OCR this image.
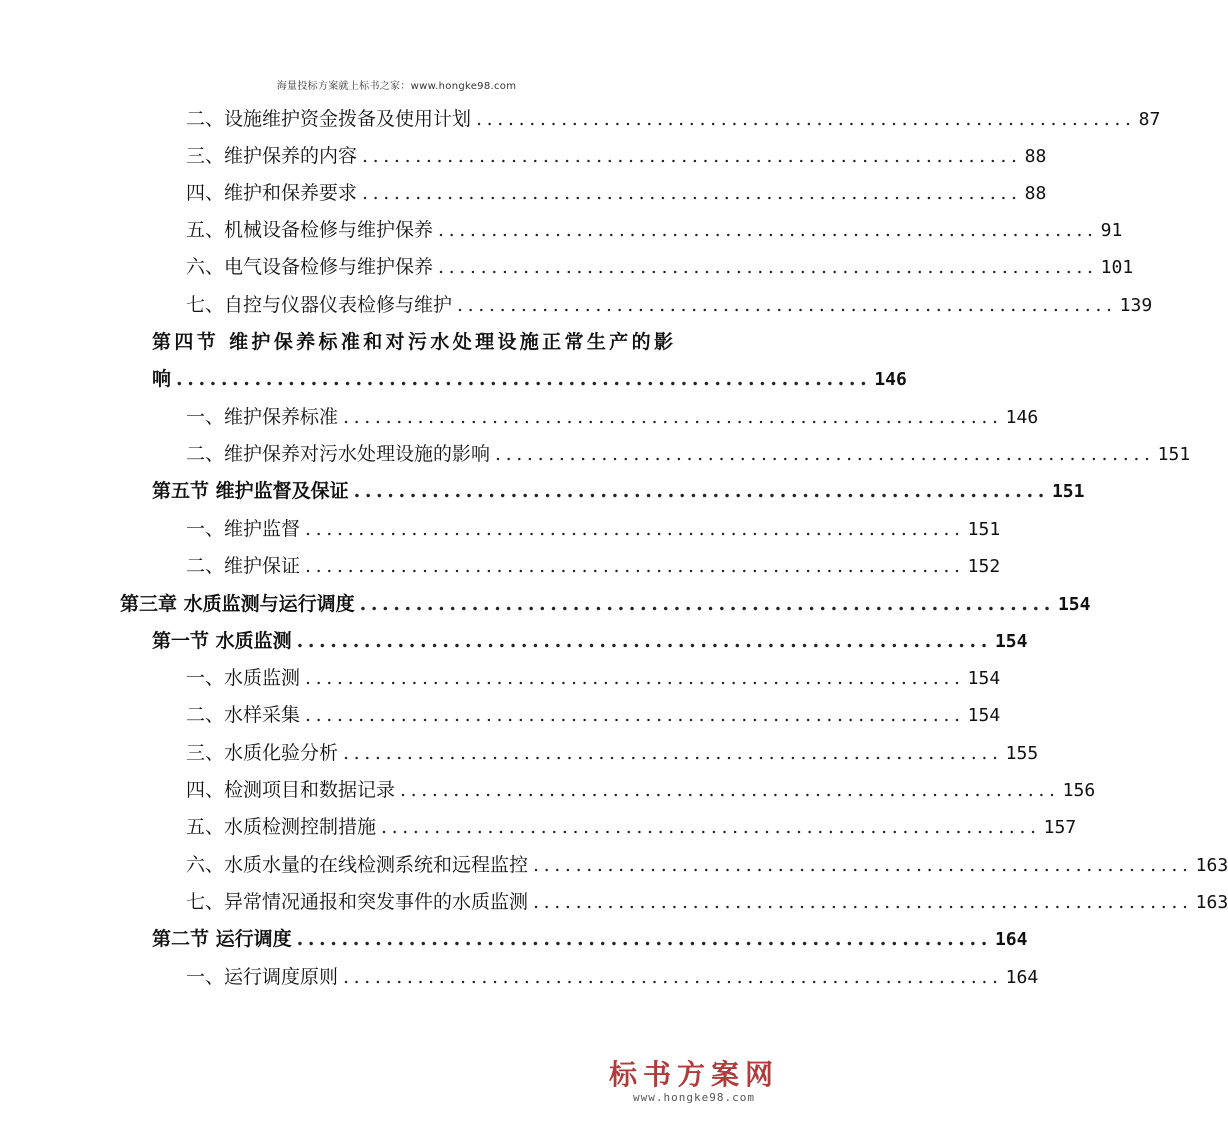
海量投标方案就上标书之家：www.hongke98.com
二、设施维护资金拨备及使用计划 .............................................................. 87
三、维护保养的内容 .............................................................. 88
四、维护和保养要求 .............................................................. 88
五、机械设备检修与维护保养 .............................................................. 91
六、电气设备检修与维护保养 .............................................................. 101
七、自控与仪器仪表检修与维护 .............................................................. 139
第四节 维护保养标准和对污水处理设施正常生产的影
响 .............................................................. 146
一、维护保养标准 .............................................................. 146
二、维护保养对污水处理设施的影响 .............................................................. 151
第五节 维护监督及保证 .............................................................. 151
一、维护监督 .............................................................. 151
二、维护保证 .............................................................. 152
第三章 水质监测与运行调度 .............................................................. 154
第一节 水质监测 .............................................................. 154
一、水质监测 .............................................................. 154
二、水样采集 .............................................................. 154
三、水质化验分析 .............................................................. 155
四、检测项目和数据记录 .............................................................. 156
五、水质检测控制措施 .............................................................. 157
六、水质水量的在线检测系统和远程监控 .............................................................. 163
七、异常情况通报和突发事件的水质监测 .............................................................. 163
第二节 运行调度 .............................................................. 164
一、运行调度原则 .............................................................. 164
标书方案网
www.hongke98.com
